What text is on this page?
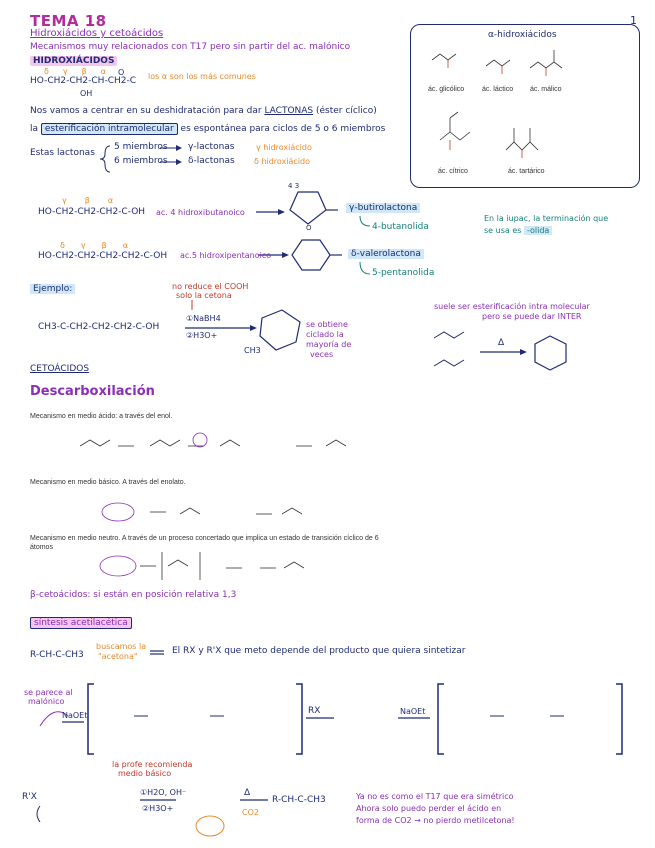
1
TEMA 18
Hidroxiácidos y cetoácidos
Mecanismos muy relacionados con T17 pero sin partir del ac. malónico
HIDROXIÁCIDOS
δγβα
HO-CH2-CH2-CH-CH2-C
O
OH
los α son los más comunes
α-hidroxiácidos
ác. glicólico	ác. láctico ác. málico
ác. cítrico	ác. tartárico
Nos vamos a centrar en su deshidratación para dar LACTONAS (éster cíclico)
la esterificación intramolecular es espontánea para ciclos de 5 o 6 miembros
Estas lactonas
5 miembros γ-lactonas	γ hidroxiácido
6 miembros δ-lactonas δ hidroxiácido
γβα
HO-CH2-CH2-CH2-C-OH ac. 4 hidroxibutanoico
4 3
O
γ-butirolactona
4-butanolida
En la iupac, la terminación que
se usa es -olida
δγβα
HO-CH2-CH2-CH2-CH2-C-OH ac.5 hidroxipentanoico	δ-valerolactona
5-pentanolida
Ejemplo:	no reduce el COOH
solo la cetona
CH3-C-CH2-CH2-CH2-C-OH
①NaBH4
②H3O+
CH3
se obtiene
ciclado la
mayoría de
veces
suele ser esterificación intra molecular
pero se puede dar INTER
Δ
CETOÁCIDOS
Descarboxilación
Mecanismo en medio ácido: a través del enol.
Mecanismo en medio básico. A través del enolato.
Mecanismo en medio neutro. A través de un proceso concertado que implica un estado de transición cíclico de 6
átomos
β-cetoácidos: si están en posición relativa 1,3
síntesis acetilacética
R-CH-C-CH3
buscamos la
"acetona"
El RX y R'X que meto depende del producto que quiera sintetizar
se parece al
malónico
NaOEt	RX	NaOEt
R'X
la profe recomienda
medio básico
①H2O, OH⁻
②H3O+
Δ
CO2
R-CH-C-CH3	Ya no es como el T17 que era simétrico
Ahora solo puedo perder el ácido en
forma de CO2 → no pierdo metilcetona!
